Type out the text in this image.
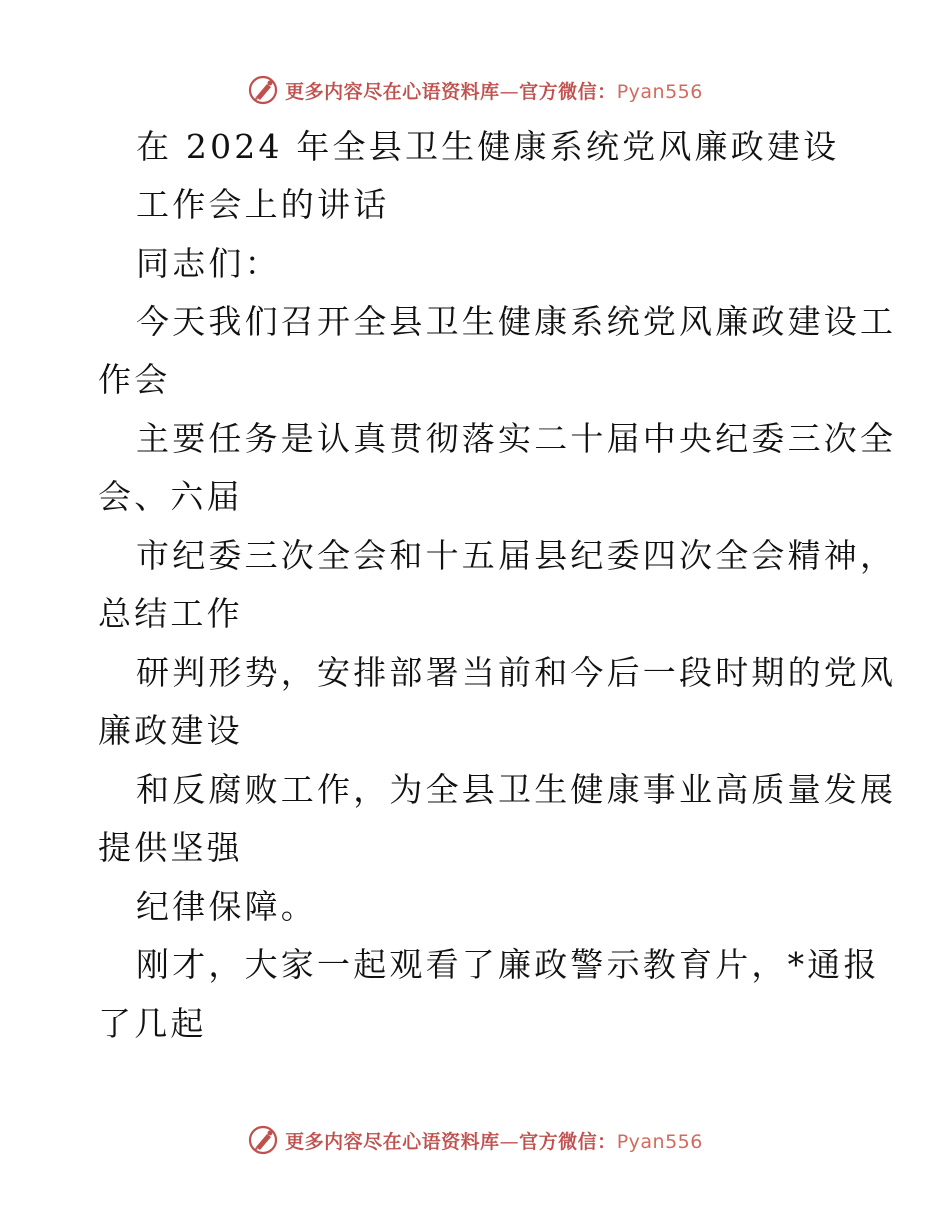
更多内容尽在心语资料库—官方微信：Pyan556
在 2024 年全县卫生健康系统党风廉政建设
工作会上的讲话
同志们：
今天我们召开全县卫生健康系统党风廉政建设工
作会
主要任务是认真贯彻落实二十届中央纪委三次全
会、六届
市纪委三次全会和十五届县纪委四次全会精神，
总结工作
研判形势，安排部署当前和今后一段时期的党风
廉政建设
和反腐败工作，为全县卫生健康事业高质量发展
提供坚强
纪律保障。
刚才，大家一起观看了廉政警示教育片，*通报
了几起
更多内容尽在心语资料库—官方微信：Pyan556
